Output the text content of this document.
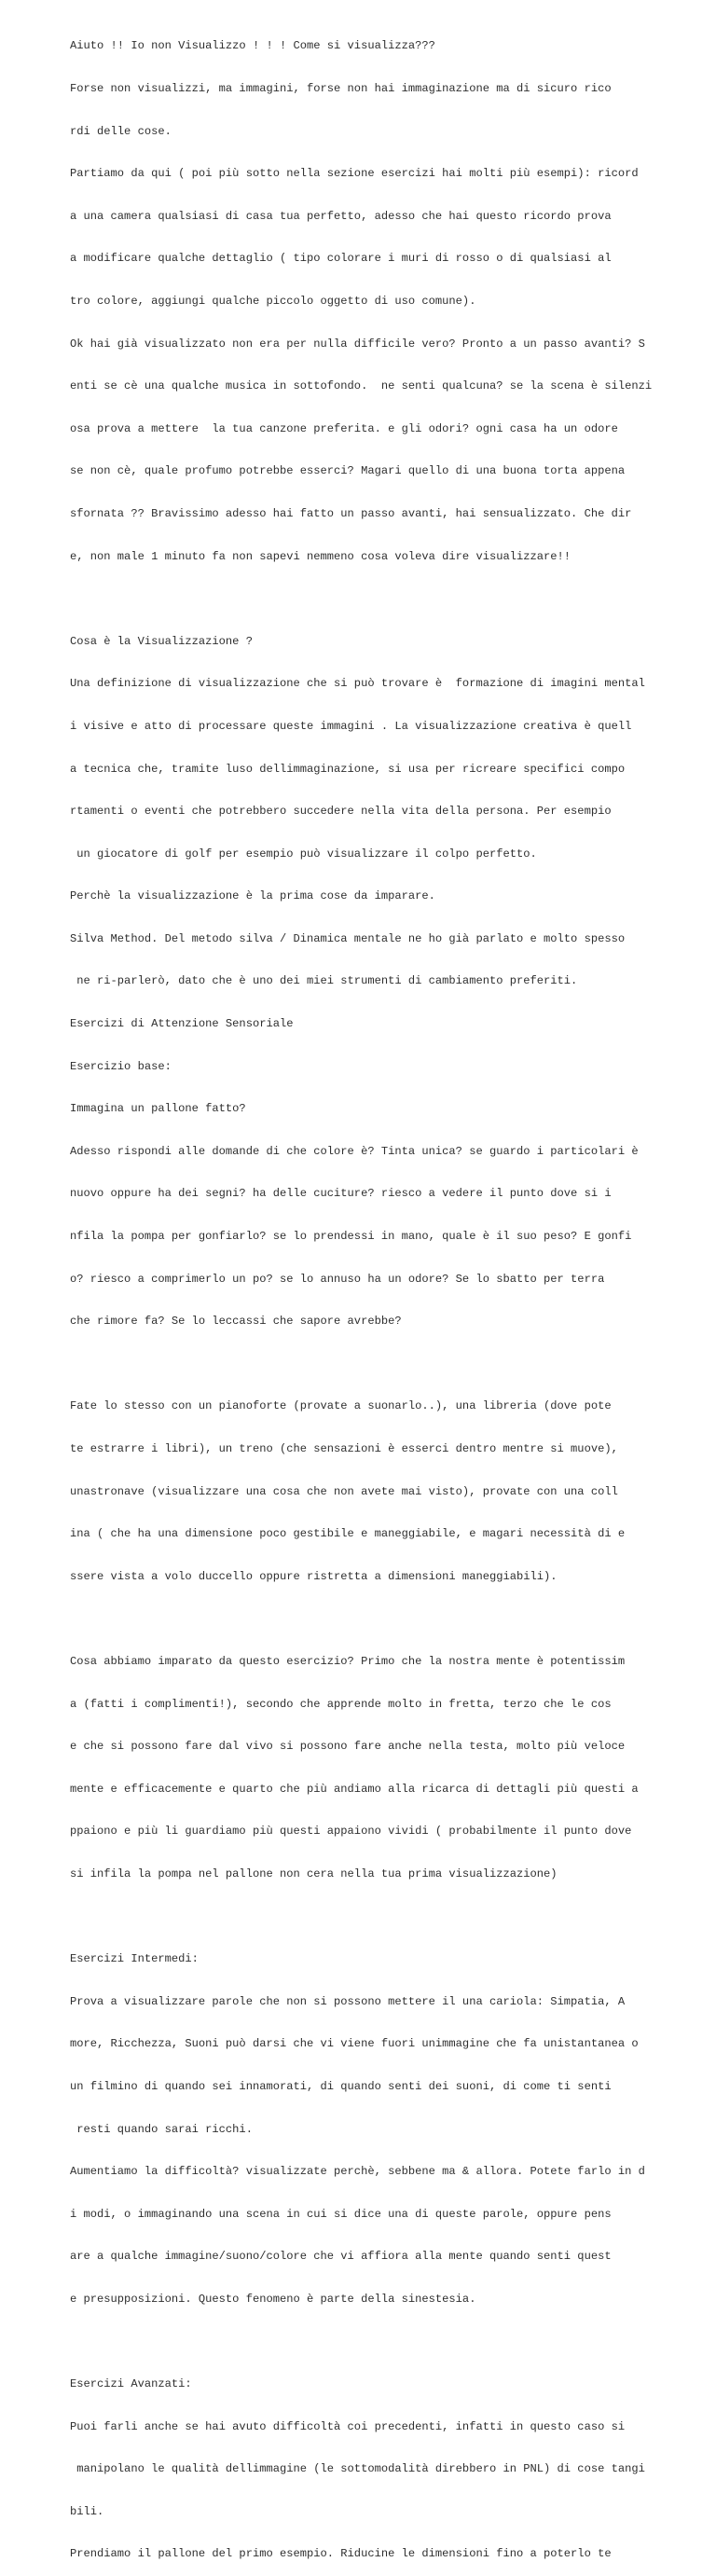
Aiuto !! Io non Visualizzo ! ! ! Come si visualizza???

Forse non visualizzi, ma immagini, forse non hai immaginazione ma di sicuro rico

rdi delle cose.

Partiamo da qui ( poi più sotto nella sezione esercizi hai molti più esempi): ricord

a una camera qualsiasi di casa tua perfetto, adesso che hai questo ricordo prova

a modificare qualche dettaglio ( tipo colorare i muri di rosso o di qualsiasi al

tro colore, aggiungi qualche piccolo oggetto di uso comune).

Ok hai già visualizzato non era per nulla difficile vero? Pronto a un passo avanti? S

enti se cè una qualche musica in sottofondo.  ne senti qualcuna? se la scena è silenzi

osa prova a mettere  la tua canzone preferita. e gli odori? ogni casa ha un odore

se non cè, quale profumo potrebbe esserci? Magari quello di una buona torta appena

sfornata ?? Bravissimo adesso hai fatto un passo avanti, hai sensualizzato. Che dir

e, non male 1 minuto fa non sapevi nemmeno cosa voleva dire visualizzare!!

Cosa è la Visualizzazione ?

Una definizione di visualizzazione che si può trovare è  formazione di imagini mental

i visive e atto di processare queste immagini . La visualizzazione creativa è quell

a tecnica che, tramite luso dellimmaginazione, si usa per ricreare specifici compo

rtamenti o eventi che potrebbero succedere nella vita della persona. Per esempio

un giocatore di golf per esempio può visualizzare il colpo perfetto.

Perchè la visualizzazione è la prima cose da imparare.

Silva Method. Del metodo silva / Dinamica mentale ne ho già parlato e molto spesso

ne ri-parlerò, dato che è uno dei miei strumenti di cambiamento preferiti.

Esercizi di Attenzione Sensoriale

Esercizio base:

Immagina un pallone fatto?

Adesso rispondi alle domande di che colore è? Tinta unica? se guardo i particolari è

nuovo oppure ha dei segni? ha delle cuciture? riesco a vedere il punto dove si i

nfila la pompa per gonfiarlo? se lo prendessi in mano, quale è il suo peso? E gonfi

o? riesco a comprimerlo un po? se lo annuso ha un odore? Se lo sbatto per terra

che rimore fa? Se lo leccassi che sapore avrebbe?

Fate lo stesso con un pianoforte (provate a suonarlo..), una libreria (dove pote

te estrarre i libri), un treno (che sensazioni è esserci dentro mentre si muove),

unastronave (visualizzare una cosa che non avete mai visto), provate con una coll

ina ( che ha una dimensione poco gestibile e maneggiabile, e magari necessità di e

ssere vista a volo duccello oppure ristretta a dimensioni maneggiabili).

Cosa abbiamo imparato da questo esercizio? Primo che la nostra mente è potentissim

a (fatti i complimenti!), secondo che apprende molto in fretta, terzo che le cos

e che si possono fare dal vivo si possono fare anche nella testa, molto più veloce

mente e efficacemente e quarto che più andiamo alla ricarca di dettagli più questi a

ppaiono e più li guardiamo più questi appaiono vividi ( probabilmente il punto dove

si infila la pompa nel pallone non cera nella tua prima visualizzazione)

Esercizi Intermedi:

Prova a visualizzare parole che non si possono mettere il una cariola: Simpatia, A

more, Ricchezza, Suoni può darsi che vi viene fuori unimmagine che fa unistantanea o

un filmino di quando sei innamorati, di quando senti dei suoni, di come ti senti

resti quando sarai ricchi.

Aumentiamo la difficoltà? visualizzate perchè, sebbene ma & allora. Potete farlo in d

i modi, o immaginando una scena in cui si dice una di queste parole, oppure pens

are a qualche immagine/suono/colore che vi affiora alla mente quando senti quest

e presupposizioni. Questo fenomeno è parte della sinestesia.

Esercizi Avanzati:

Puoi farli anche se hai avuto difficoltà coi precedenti, infatti in questo caso si

manipolano le qualità dellimmagine (le sottomodalità direbbero in PNL) di cose tangi

bili.

Prendiamo il pallone del primo esempio. Riducine le dimensioni fino a poterlo te
